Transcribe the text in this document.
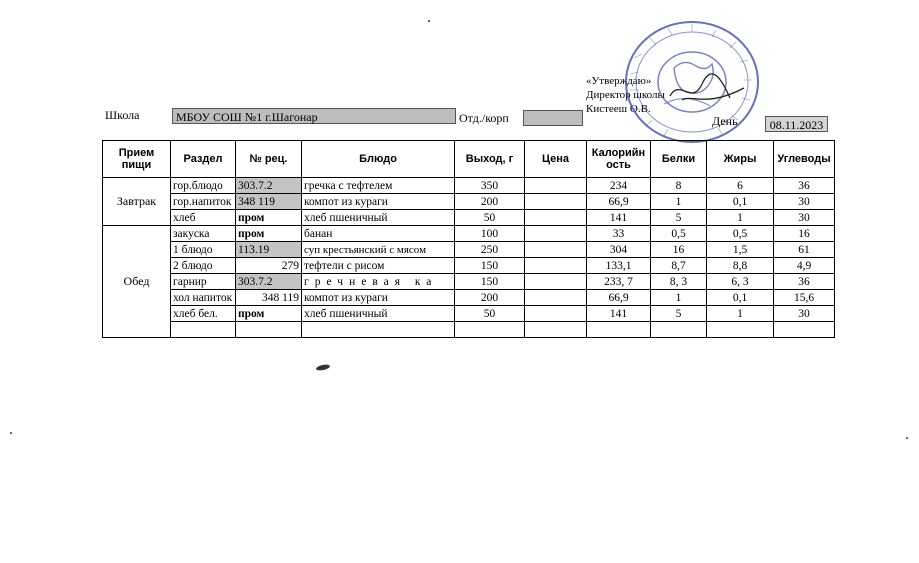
«Утверждаю»
Директор школы
Кистееш О.В.
Школа	МБОУ СОШ №1 г.Шагонар	Отд./корп	День	08.11.2023
Прием пищи	Раздел	№ рец.	Блюдо	Выход, г	Цена	Калорийность	Белки	Жиры	Углеводы
Завтрак	гор.блюдо	303.7.2	гречка с тефтелем	350		234	8	6	36
	гор.напиток	348 119	компот из кураги	200		66,9	1	0,1	30
	хлеб	пром	хлеб пшеничный	50		141	5	1	30
Обед	закуска	пром	банан	100		33	0,5	0,5	16
	1 блюдо	113.19	суп крестьянский с мясом	250		304	16	1,5	61
	2 блюдо	279	тефтели с рисом	150		133,1	8,7	8,8	4,9
	гарнир	303.7.2	гречневая ка	150		233, 7	8, 3	6, 3	36
	хол напиток	348 119	компот из кураги	200		66,9	1	0,1	15,6
	хлеб бел.	пром	хлеб пшеничный	50		141	5	1	30
